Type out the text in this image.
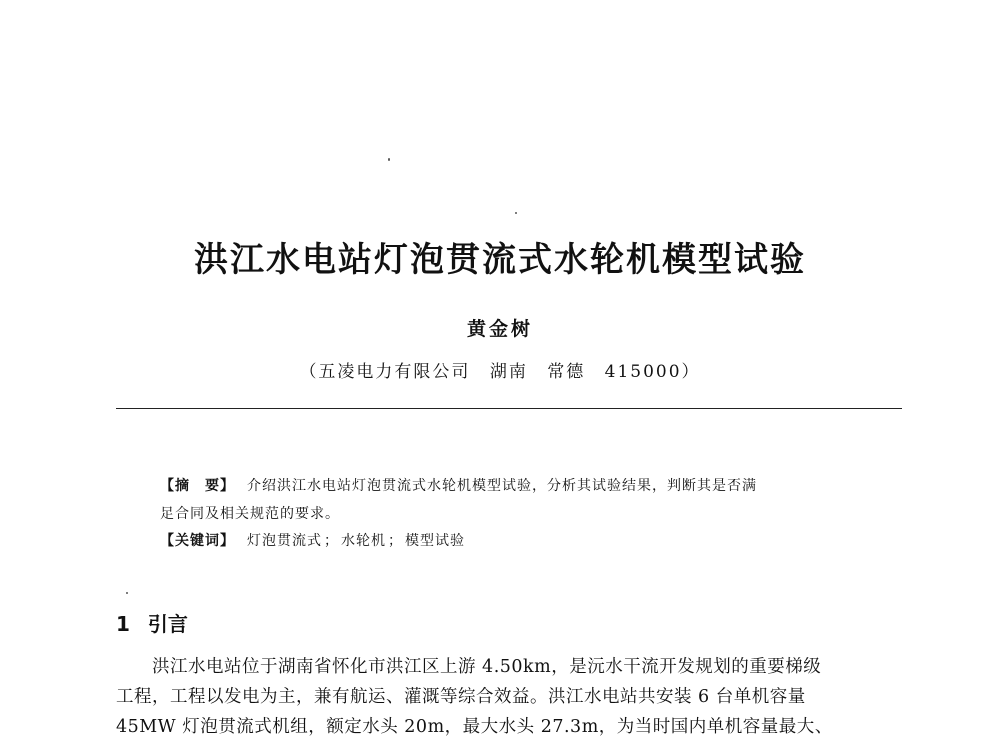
洪江水电站灯泡贯流式水轮机模型试验
黄金树
（五凌电力有限公司 湖南 常德 415000）
【摘　要】 介绍洪江水电站灯泡贯流式水轮机模型试验，分析其试验结果，判断其是否满
足合同及相关规范的要求。
【关键词】 灯泡贯流式 ； 水轮机 ； 模型试验
1 引言
洪江水电站位于湖南省怀化市洪江区上游 4.50km，是沅水干流开发规划的重要梯级
工程，工程以发电为主，兼有航运、灌溉等综合效益。洪江水电站共安装 6 台单机容量
45MW 灯泡贯流式机组，额定水头 20m，最大水头 27.3m，为当时国内单机容量最大、
